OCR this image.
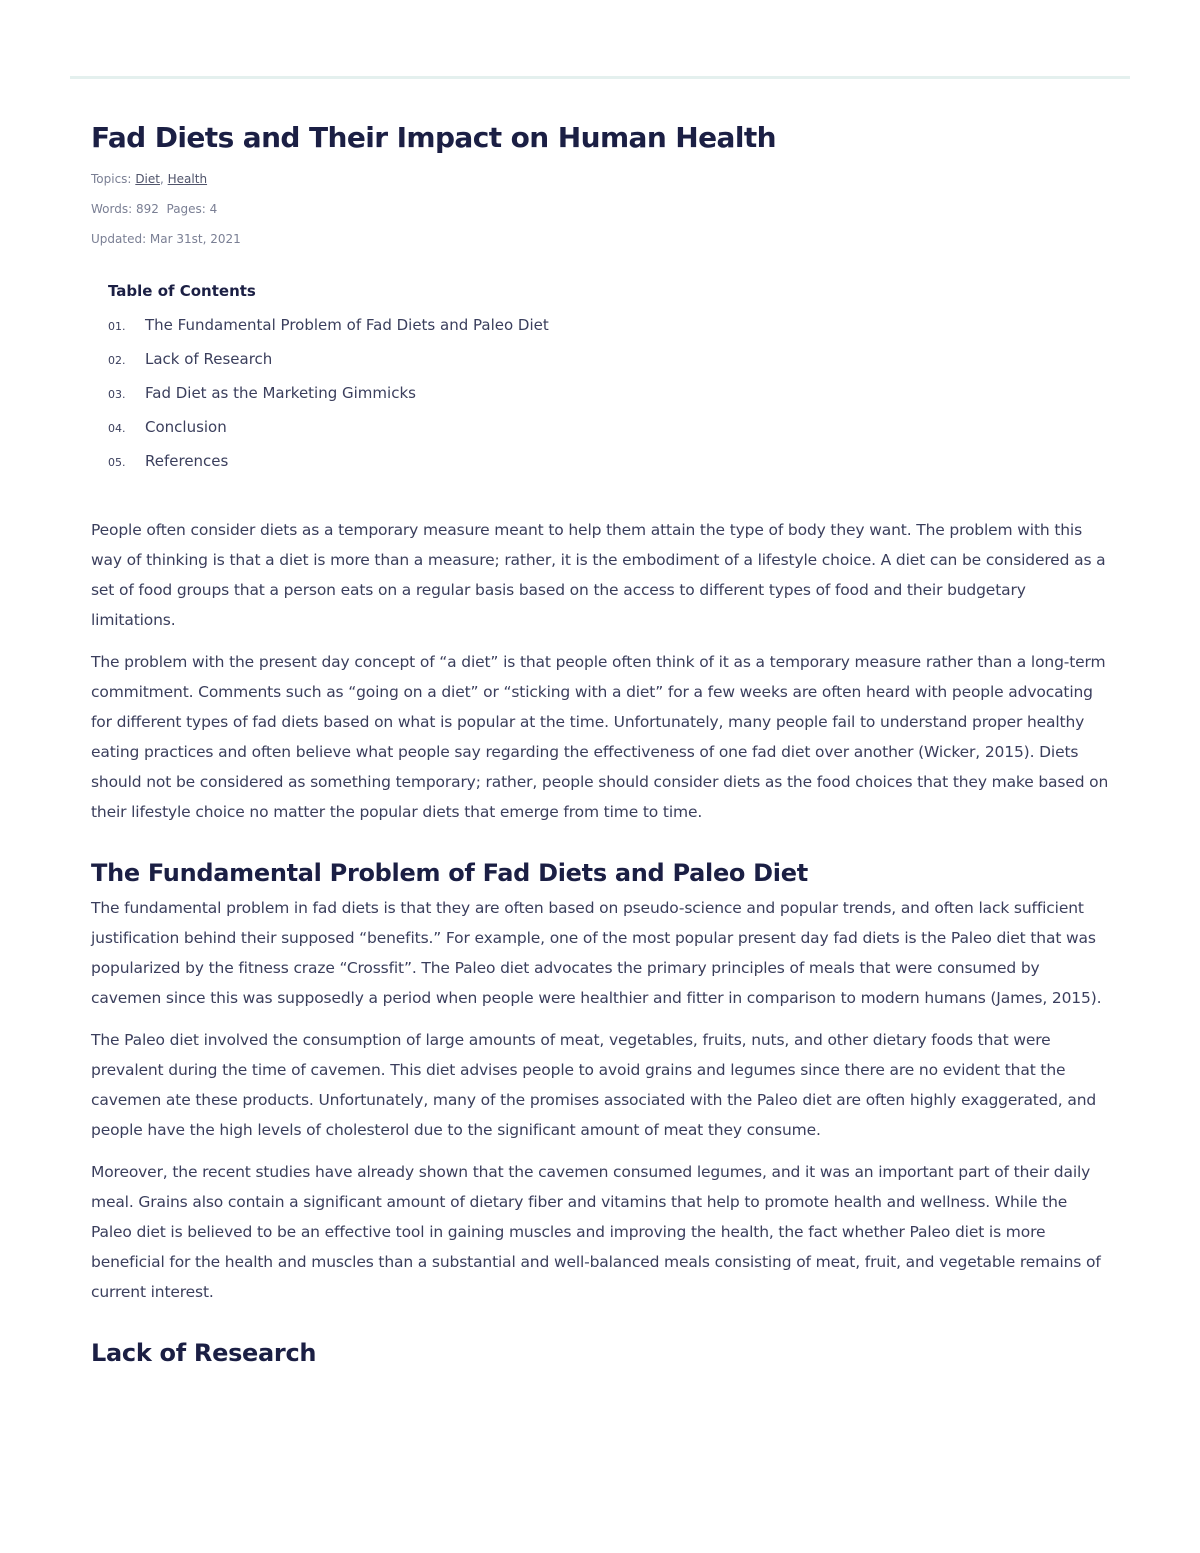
Fad Diets and Their Impact on Human Health
Topics: Diet, Health
Words: 892 Pages: 4
Updated: Mar 31st, 2021
Table of Contents
01.	The Fundamental Problem of Fad Diets and Paleo Diet
02.	Lack of Research
03.	Fad Diet as the Marketing Gimmicks
04.	Conclusion
05.	References

People often consider diets as a temporary measure meant to help them attain the type of body they want. The problem with this way of thinking is that a diet is more than a measure; rather, it is the embodiment of a lifestyle choice. A diet can be considered as a set of food groups that a person eats on a regular basis based on the access to different types of food and their budgetary limitations.

The problem with the present day concept of “a diet” is that people often think of it as a temporary measure rather than a long-term commitment. Comments such as “going on a diet” or “sticking with a diet” for a few weeks are often heard with people advocating for different types of fad diets based on what is popular at the time. Unfortunately, many people fail to understand proper healthy eating practices and often believe what people say regarding the effectiveness of one fad diet over another (Wicker, 2015). Diets should not be considered as something temporary; rather, people should consider diets as the food choices that they make based on their lifestyle choice no matter the popular diets that emerge from time to time.

The Fundamental Problem of Fad Diets and Paleo Diet

The fundamental problem in fad diets is that they are often based on pseudo-science and popular trends, and often lack sufficient justification behind their supposed “benefits.” For example, one of the most popular present day fad diets is the Paleo diet that was popularized by the fitness craze “Crossfit”. The Paleo diet advocates the primary principles of meals that were consumed by cavemen since this was supposedly a period when people were healthier and fitter in comparison to modern humans (James, 2015).

The Paleo diet involved the consumption of large amounts of meat, vegetables, fruits, nuts, and other dietary foods that were prevalent during the time of cavemen. This diet advises people to avoid grains and legumes since there are no evident that the cavemen ate these products. Unfortunately, many of the promises associated with the Paleo diet are often highly exaggerated, and people have the high levels of cholesterol due to the significant amount of meat they consume.

Moreover, the recent studies have already shown that the cavemen consumed legumes, and it was an important part of their daily meal. Grains also contain a significant amount of dietary fiber and vitamins that help to promote health and wellness. While the Paleo diet is believed to be an effective tool in gaining muscles and improving the health, the fact whether Paleo diet is more beneficial for the health and muscles than a substantial and well-balanced meals consisting of meat, fruit, and vegetable remains of current interest.

Lack of Research
